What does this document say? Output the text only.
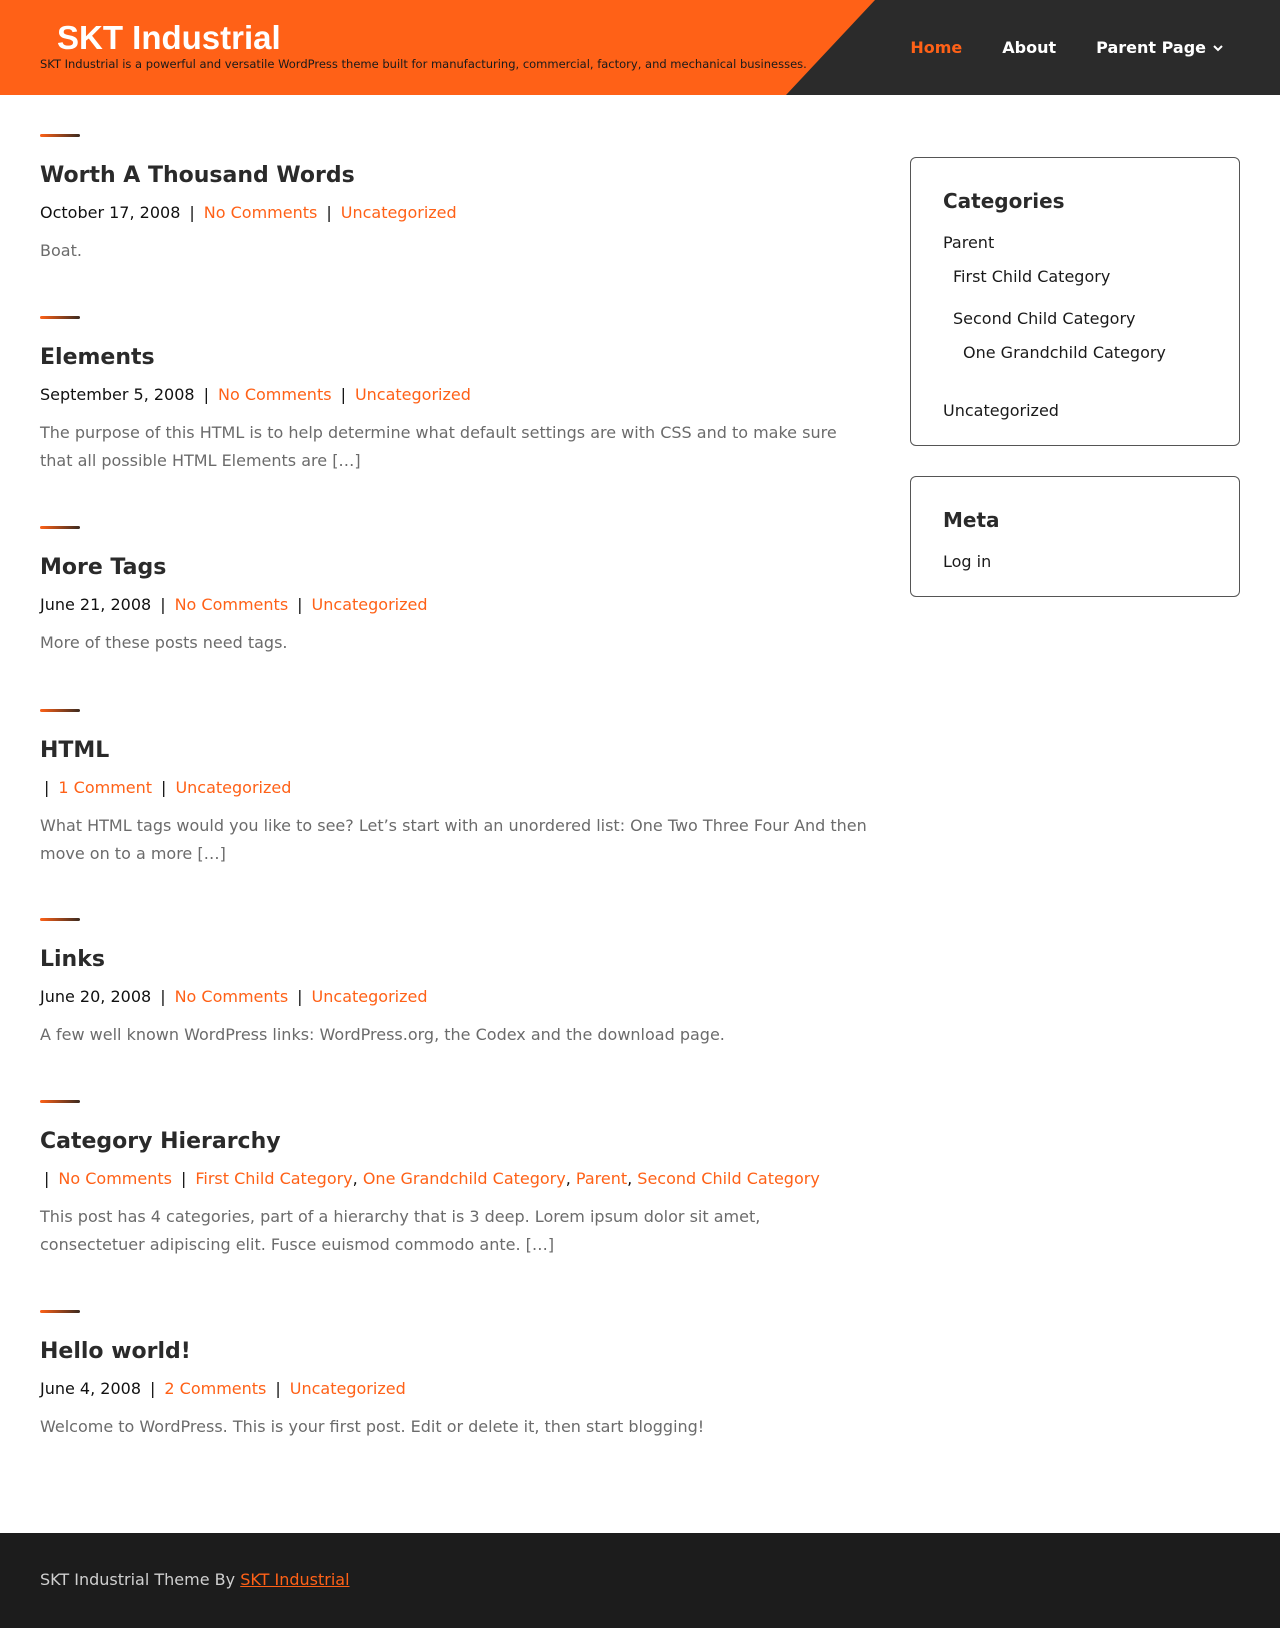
SKT Industrial
SKT Industrial is a powerful and versatile WordPress theme built for manufacturing, commercial, factory, and mechanical businesses.
Home	About	Parent Page
Worth A Thousand Words
October 17, 2008 | No Comments | Uncategorized

Boat.

Elements
September 5, 2008 | No Comments | Uncategorized

The purpose of this HTML is to help determine what default settings are with CSS and to make sure that all possible HTML Elements are […]

More Tags
June 21, 2008 | No Comments | Uncategorized

More of these posts need tags.

HTML
| 1 Comment | Uncategorized

What HTML tags would you like to see? Let’s start with an unordered list: One Two Three Four And then move on to a more […]

Links
June 20, 2008 | No Comments | Uncategorized

A few well known WordPress links: WordPress.org, the Codex and the download page.

Category Hierarchy
| No Comments | First Child Category, One Grandchild Category, Parent, Second Child Category

This post has 4 categories, part of a hierarchy that is 3 deep. Lorem ipsum dolor sit amet, consectetuer adipiscing elit. Fusce euismod commodo ante. […]

Hello world!
June 4, 2008 | 2 Comments | Uncategorized

Welcome to WordPress. This is your first post. Edit or delete it, then start blogging!

Categories
Parent
First Child Category
Second Child Category
One Grandchild Category
Uncategorized
Meta
Log in
SKT Industrial Theme By SKT Industrial
